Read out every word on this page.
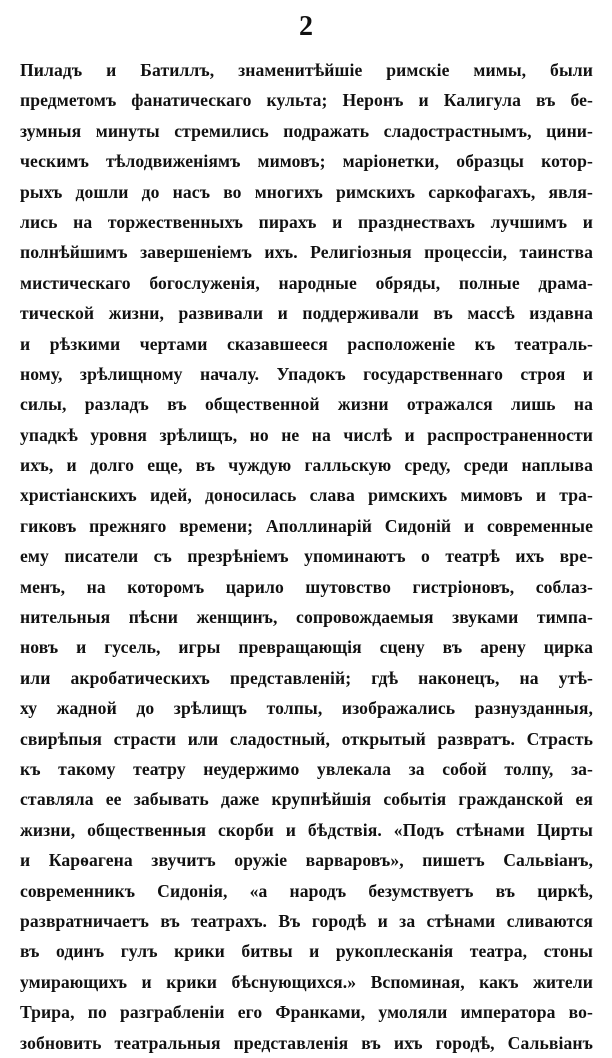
2
Пиладъ и Батиллъ, знаменитѣйшіе римскіе мимы, были
предметомъ фанатическаго культа; Неронъ и Калигула въ бе-
зумныя минуты стремились подражать сладострастнымъ, цини-
ческимъ тѣлодвиженіямъ мимовъ; маріонетки, образцы котор-
рыхъ дошли до насъ во многихъ римскихъ саркофагахъ, явля-
лись на торжественныхъ пирахъ и празднествахъ лучшимъ и
полнѣйшимъ завершеніемъ ихъ. Религіозныя процессіи, таинства
мистическаго богослуженія, народные обряды, полные драма-
тической жизни, развивали и поддерживали въ массѣ издавна
и рѣзкими чертами сказавшееся расположеніе къ театраль-
ному, зрѣлищному началу. Упадокъ государственнаго строя и
силы, разладъ въ общественной жизни отражался лишь на
упадкѣ уровня зрѣлищъ, но не на числѣ и распространенности
ихъ, и долго еще, въ чуждую галльскую среду, среди наплыва
христіанскихъ идей, доносилась слава римскихъ мимовъ и тра-
гиковъ прежняго времени; Аполлинарій Сидоній и современные
ему писатели съ презрѣніемъ упоминаютъ о театрѣ ихъ вре-
менъ, на которомъ царило шутовство гистріоновъ, соблаз-
нительныя пѣсни женщинъ, сопровождаемыя звуками тимпа-
новъ и гусель, игры превращающія сцену въ арену цирка
или акробатическихъ представленій; гдѣ наконецъ, на утѣ-
ху жадной до зрѣлищъ толпы, изображались разнузданныя,
свирѣпыя страсти или сладостный, открытый развратъ. Страсть
къ такому театру неудержимо увлекала за собой толпу, за-
ставляла ее забывать даже крупнѣйшія событія гражданской ея
жизни, общественныя скорби и бѣдствія. «Подъ стѣнами Цирты
и Карѳагена звучитъ оружіе варваровъ», пишетъ Сальвіанъ,
современникъ Сидонія, «а народъ безумствуетъ въ циркѣ,
развратничаетъ въ театрахъ. Въ городѣ и за стѣнами сливаются
въ одинъ гулъ крики битвы и рукоплесканія театра, стоны
умирающихъ и крики бѣснующихся.» Вспоминая, какъ жители
Трира, по разграбленіи его Франками, умоляли императора во-
зобновить театральныя представленія въ ихъ городѣ, Сальвіанъ
